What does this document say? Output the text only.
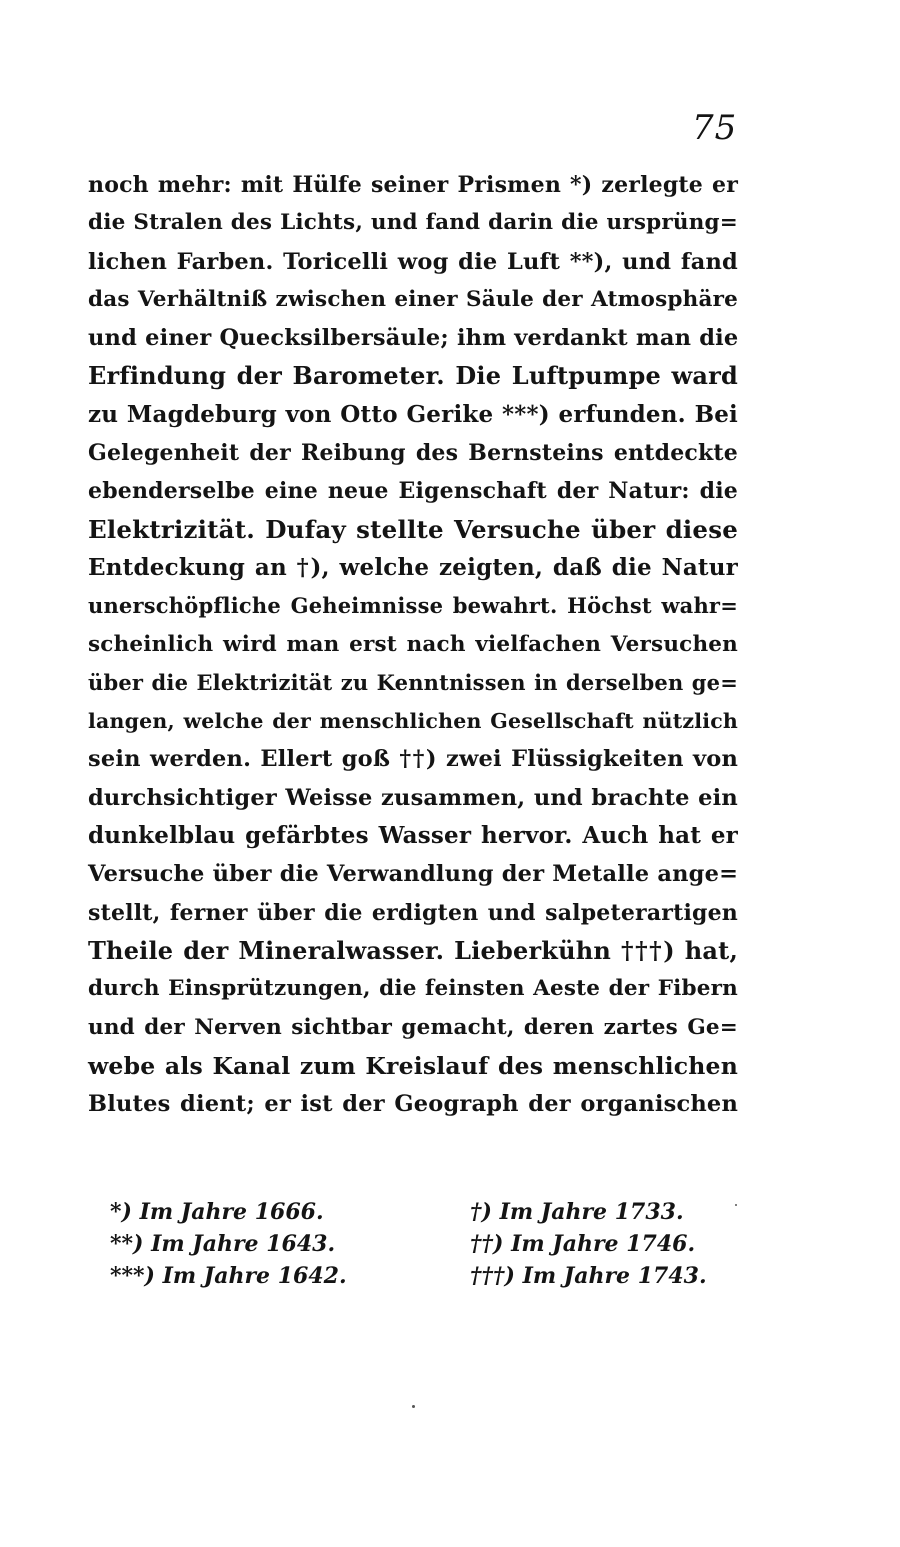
75
noch mehr: mit Hülfe seiner Prismen *) zerlegte er
die Stralen des Lichts, und fand darin die ursprüng=
lichen Farben. Toricelli wog die Luft **), und fand
das Verhältniß zwischen einer Säule der Atmosphäre
und einer Quecksilbersäule; ihm verdankt man die
Erfindung der Barometer. Die Luftpumpe ward
zu Magdeburg von Otto Gerike ***) erfunden. Bei
Gelegenheit der Reibung des Bernsteins entdeckte
ebenderselbe eine neue Eigenschaft der Natur: die
Elektrizität. Dufay stellte Versuche über diese
Entdeckung an †), welche zeigten, daß die Natur
unerschöpfliche Geheimnisse bewahrt. Höchst wahr=
scheinlich wird man erst nach vielfachen Versuchen
über die Elektrizität zu Kenntnissen in derselben ge=
langen, welche der menschlichen Gesellschaft nützlich
sein werden. Ellert goß ††) zwei Flüssigkeiten von
durchsichtiger Weisse zusammen, und brachte ein
dunkelblau gefärbtes Wasser hervor. Auch hat er
Versuche über die Verwandlung der Metalle ange=
stellt, ferner über die erdigten und salpeterartigen
Theile der Mineralwasser. Lieberkühn †††) hat,
durch Einsprützungen, die feinsten Aeste der Fibern
und der Nerven sichtbar gemacht, deren zartes Ge=
webe als Kanal zum Kreislauf des menschlichen
Blutes dient; er ist der Geograph der organischen
*) Im Jahre 1666.
**) Im Jahre 1643.
***) Im Jahre 1642.
†) Im Jahre 1733.
††) Im Jahre 1746.
†††) Im Jahre 1743.
